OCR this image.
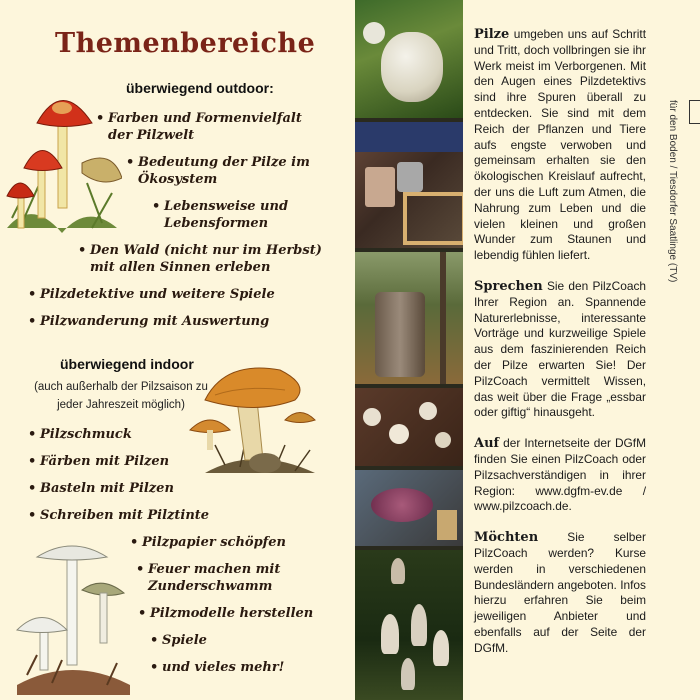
Themenbereiche
überwiegend outdoor:
• Farben und Formenvielfalt
der Pilzwelt
• Bedeutung der Pilze im
Ökosystem
• Lebensweise und
Lebensformen
• Den Wald (nicht nur im Herbst)
mit allen Sinnen erleben
• Pilzdetektive und weitere Spiele
• Pilzwanderung mit Auswertung
überwiegend indoor
(auch außerhalb der Pilzsaison zu
jeder Jahreszeit möglich)
• Pilzschmuck
• Färben mit Pilzen
• Basteln mit Pilzen
• Schreiben mit Pilztinte
• Pilzpapier schöpfen
• Feuer machen mit
Zunderschwamm
• Pilzmodelle herstellen
• Spiele
• und vieles mehr!

Pilze umgeben uns auf Schritt und Tritt, doch vollbringen sie ihr Werk meist im Verborgenen. Mit den Augen eines Pilzdetektivs sind ihre Spuren überall zu entdecken. Sie sind mit dem Reich der Pflanzen und Tiere aufs engste verwoben und gemeinsam erhalten sie den ökologischen Kreislauf aufrecht, der uns die Luft zum Atmen, die Nahrung zum Leben und die vielen kleinen und großen Wunder zum Staunen und lebendig fühlen liefert.

Sprechen Sie den PilzCoach Ihrer Region an. Spannende Naturerlebnisse, interessante Vorträge und kurzweilige Spiele aus dem faszinierenden Reich der Pilze erwarten Sie! Der PilzCoach vermittelt Wissen, das weit über die Frage „essbar oder giftig“ hinausgeht.

Auf der Internetseite der DGfM finden Sie einen PilzCoach oder Pilzsachverständigen in ihrer Region: www.dgfm-ev.de / www.pilzcoach.de.

Möchten Sie selber PilzCoach werden? Kurse werden in verschiedenen Bundesländern angeboten. Infos hierzu erfahren Sie beim jeweiligen Anbieter und ebenfalls auf der Seite der DGfM.

für den Boden / Tiesdorfer Saatlinge (TV)
